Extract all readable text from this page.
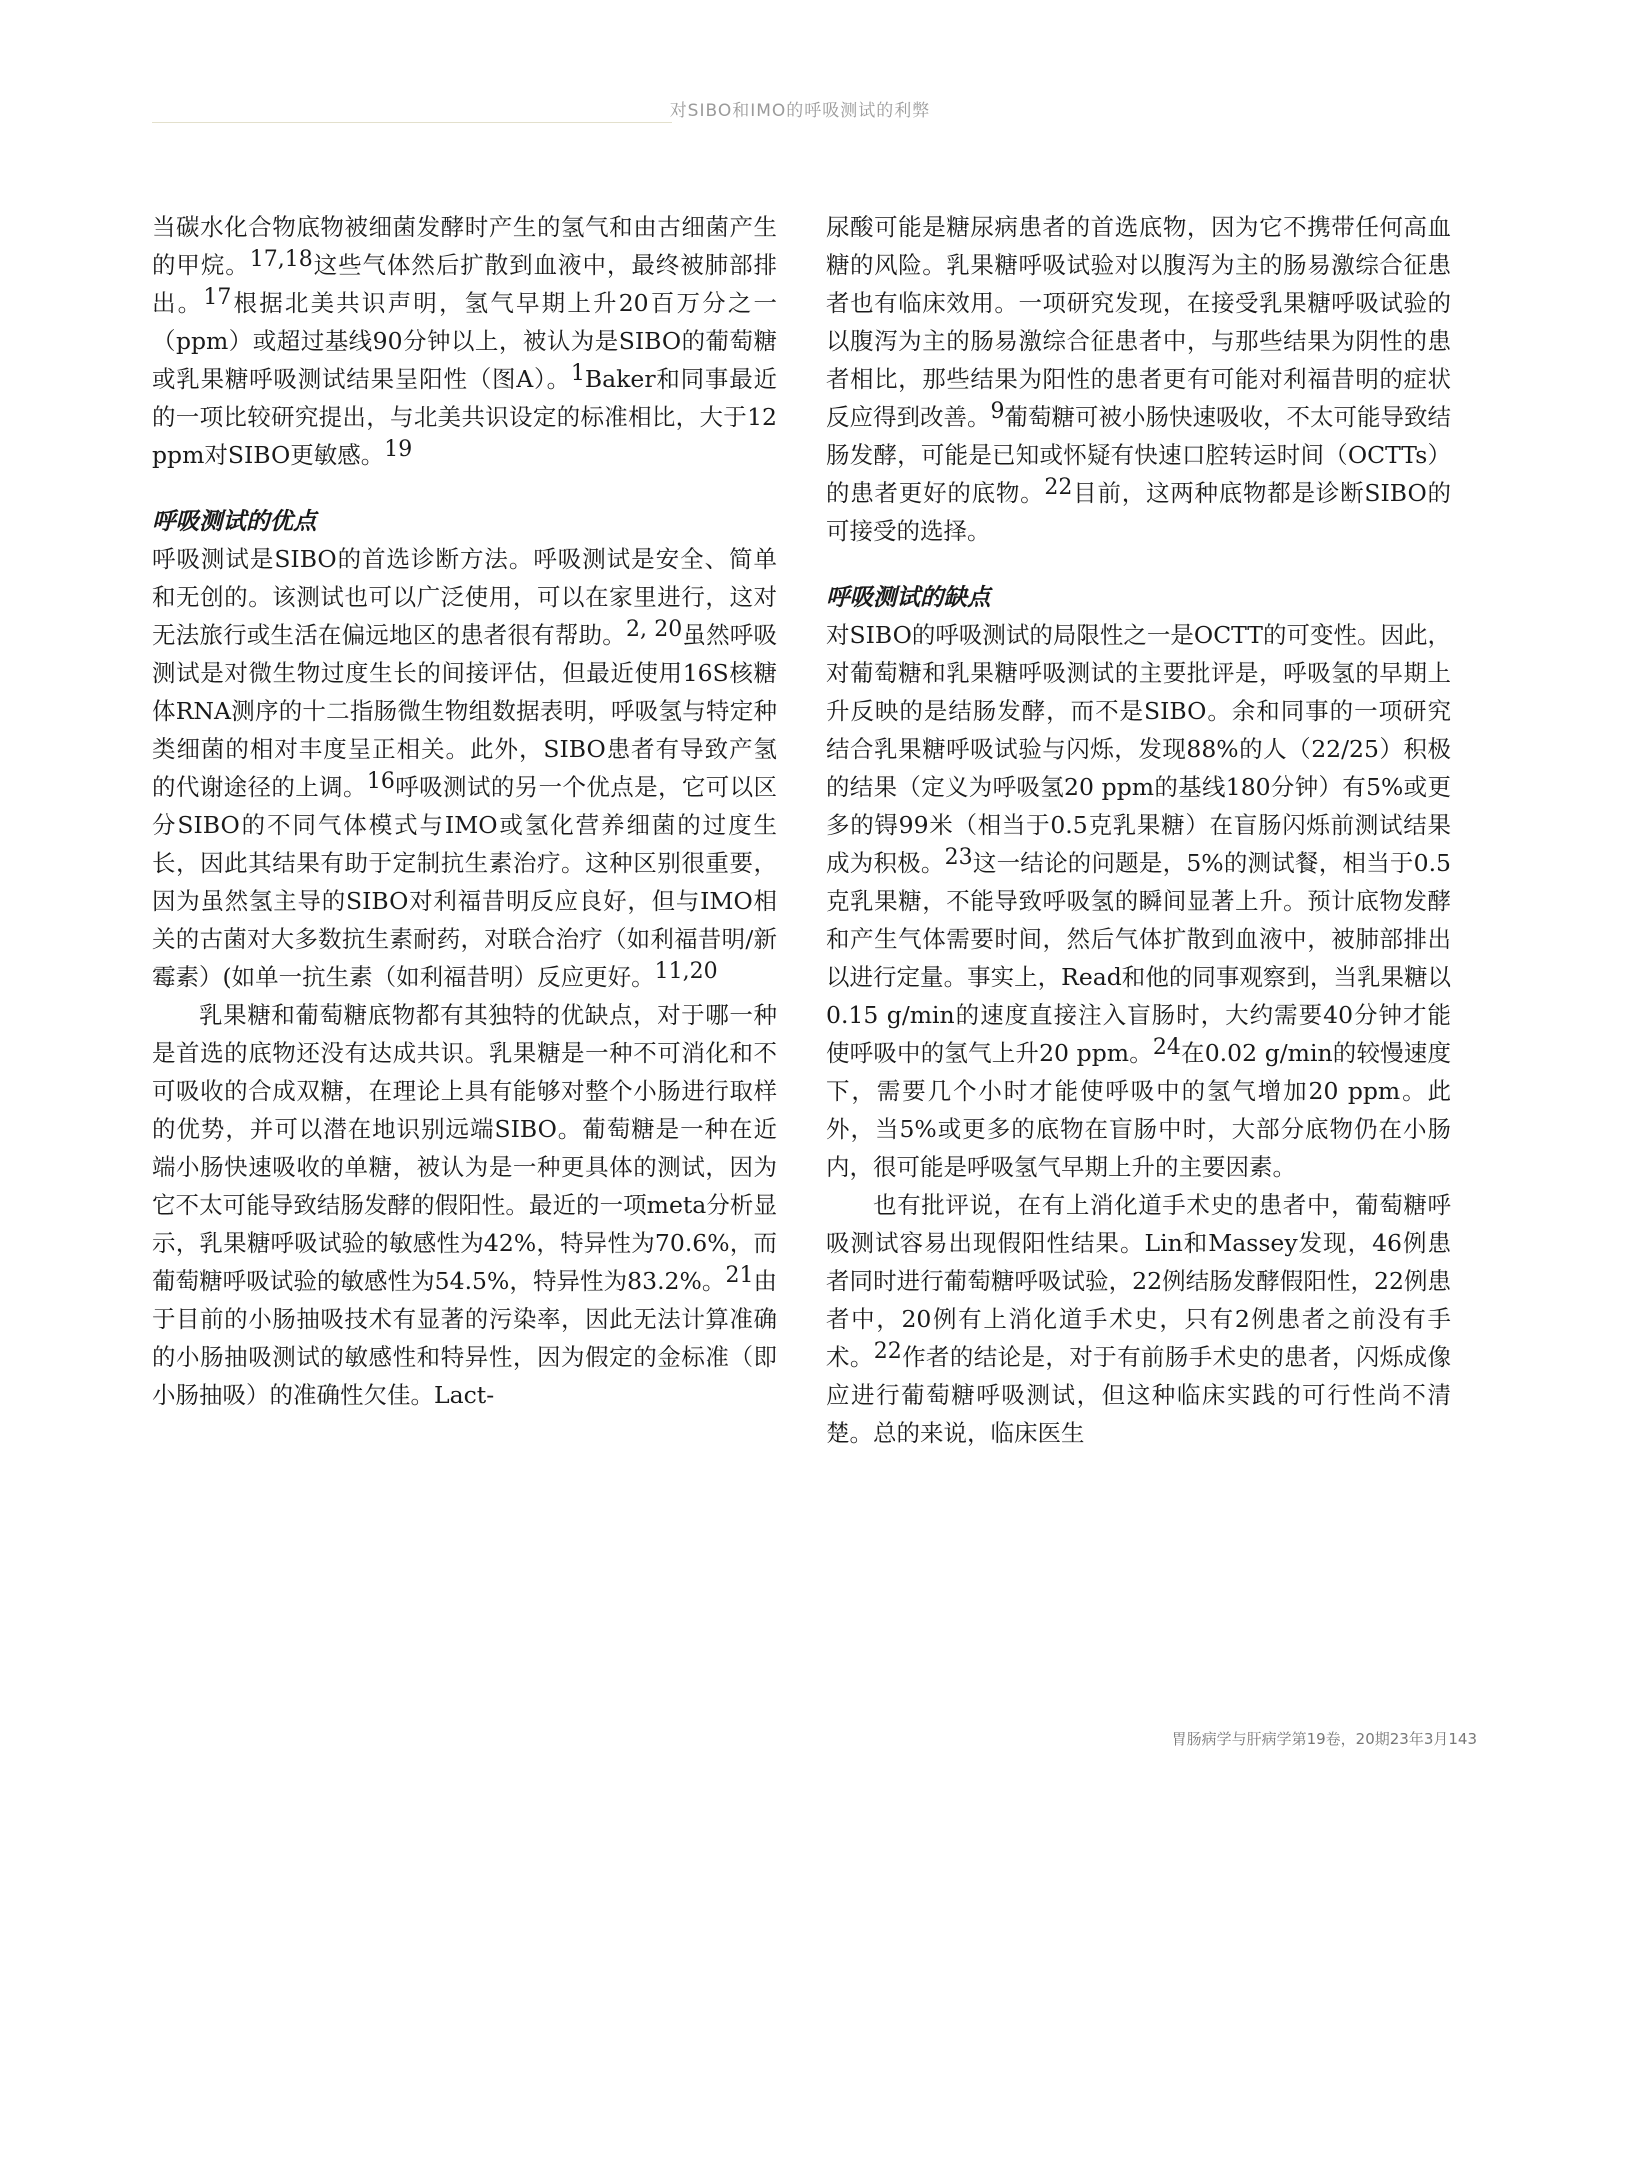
对SIBO和IMO的呼吸测试的利弊

当碳水化合物底物被细菌发酵时产生的氢气和由古细菌产生的甲烷。17,18这些气体然后扩散到血液中，最终被肺部排出。17根据北美共识声明，氢气早期上升20百万分之一（ppm）或超过基线90分钟以上，被认为是SIBO的葡萄糖或乳果糖呼吸测试结果呈阳性（图A）。1Baker和同事最近的一项比较研究提出，与北美共识设定的标准相比，大于12 ppm对SIBO更敏感。19

呼吸测试的优点

呼吸测试是SIBO的首选诊断方法。呼吸测试是安全、简单和无创的。该测试也可以广泛使用，可以在家里进行，这对无法旅行或生活在偏远地区的患者很有帮助。2, 20虽然呼吸测试是对微生物过度生长的间接评估，但最近使用16S核糖体RNA测序的十二指肠微生物组数据表明，呼吸氢与特定种类细菌的相对丰度呈正相关。此外，SIBO患者有导致产氢的代谢途径的上调。16呼吸测试的另一个优点是，它可以区分SIBO的不同气体模式与IMO或氢化营养细菌的过度生长，因此其结果有助于定制抗生素治疗。这种区别很重要，因为虽然氢主导的SIBO对利福昔明反应良好，但与IMO相关的古菌对大多数抗生素耐药，对联合治疗（如利福昔明/新霉素）(如单一抗生素（如利福昔明）反应更好。11,20

乳果糖和葡萄糖底物都有其独特的优缺点，对于哪一种是首选的底物还没有达成共识。乳果糖是一种不可消化和不可吸收的合成双糖，在理论上具有能够对整个小肠进行取样的优势，并可以潜在地识别远端SIBO。葡萄糖是一种在近端小肠快速吸收的单糖，被认为是一种更具体的测试，因为它不太可能导致结肠发酵的假阳性。最近的一项meta分析显示，乳果糖呼吸试验的敏感性为42%，特异性为70.6%，而葡萄糖呼吸试验的敏感性为54.5%，特异性为83.2%。21由于目前的小肠抽吸技术有显著的污染率，因此无法计算准确的小肠抽吸测试的敏感性和特异性，因为假定的金标准（即小肠抽吸）的准确性欠佳。Lact-

尿酸可能是糖尿病患者的首选底物，因为它不携带任何高血糖的风险。乳果糖呼吸试验对以腹泻为主的肠易激综合征患者也有临床效用。一项研究发现，在接受乳果糖呼吸试验的以腹泻为主的肠易激综合征患者中，与那些结果为阴性的患者相比，那些结果为阳性的患者更有可能对利福昔明的症状反应得到改善。9葡萄糖可被小肠快速吸收，不太可能导致结肠发酵，可能是已知或怀疑有快速口腔转运时间（OCTTs）的患者更好的底物。22目前，这两种底物都是诊断SIBO的可接受的选择。

呼吸测试的缺点

对SIBO的呼吸测试的局限性之一是OCTT的可变性。因此，对葡萄糖和乳果糖呼吸测试的主要批评是，呼吸氢的早期上升反映的是结肠发酵，而不是SIBO。余和同事的一项研究结合乳果糖呼吸试验与闪烁，发现88%的人（22/25）积极的结果（定义为呼吸氢20 ppm的基线180分钟）有5%或更多的锝99米（相当于0.5克乳果糖）在盲肠闪烁前测试结果成为积极。23这一结论的问题是，5%的测试餐，相当于0.5克乳果糖，不能导致呼吸氢的瞬间显著上升。预计底物发酵和产生气体需要时间，然后气体扩散到血液中，被肺部排出以进行定量。事实上，Read和他的同事观察到，当乳果糖以0.15 g/min的速度直接注入盲肠时，大约需要40分钟才能使呼吸中的氢气上升20 ppm。24在0.02 g/min的较慢速度下，需要几个小时才能使呼吸中的氢气增加20 ppm。此外，当5%或更多的底物在盲肠中时，大部分底物仍在小肠内，很可能是呼吸氢气早期上升的主要因素。

也有批评说，在有上消化道手术史的患者中，葡萄糖呼吸测试容易出现假阳性结果。Lin和Massey发现，46例患者同时进行葡萄糖呼吸试验，22例结肠发酵假阳性，22例患者中，20例有上消化道手术史，只有2例患者之前没有手术。22作者的结论是，对于有前肠手术史的患者，闪烁成像应进行葡萄糖呼吸测试，但这种临床实践的可行性尚不清楚。总的来说，临床医生

胃肠病学与肝病学第19卷，20期23年3月143
